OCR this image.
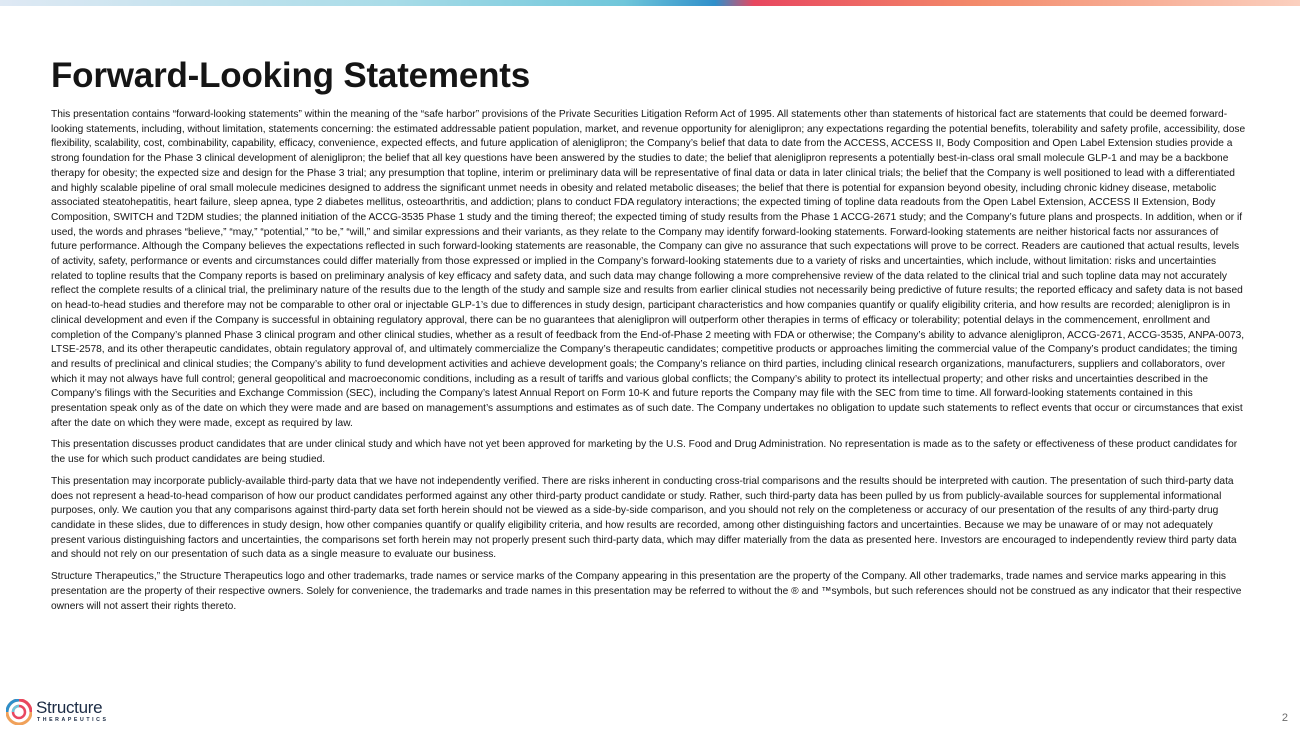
Forward-Looking Statements

This presentation contains “forward-looking statements” within the meaning of the “safe harbor” provisions of the Private Securities Litigation Reform Act of 1995. All statements other than statements of historical fact are statements that could be deemed forward-looking statements, including, without limitation, statements concerning: the estimated addressable patient population, market, and revenue opportunity for aleniglipron; any expectations regarding the potential benefits, tolerability and safety profile, accessibility, dose flexibility, scalability, cost, combinability, capability, efficacy, convenience, expected effects, and future application of aleniglipron; the Company’s belief that data to date from the ACCESS, ACCESS II, Body Composition and Open Label Extension studies provide a strong foundation for the Phase 3 clinical development of aleniglipron; the belief that all key questions have been answered by the studies to date; the belief that aleniglipron represents a potentially best-in-class oral small molecule GLP-1 and may be a backbone therapy for obesity; the expected size and design for the Phase 3 trial; any presumption that topline, interim or preliminary data will be representative of final data or data in later clinical trials; the belief that the Company is well positioned to lead with a differentiated and highly scalable pipeline of oral small molecule medicines designed to address the significant unmet needs in obesity and related metabolic diseases; the belief that there is potential for expansion beyond obesity, including chronic kidney disease, metabolic associated steatohepatitis, heart failure, sleep apnea, type 2 diabetes mellitus, osteoarthritis, and addiction; plans to conduct FDA regulatory interactions; the expected timing of topline data readouts from the Open Label Extension, ACCESS II Extension, Body Composition, SWITCH and T2DM studies; the planned initiation of the ACCG-3535 Phase 1 study and the timing thereof; the expected timing of study results from the Phase 1 ACCG-2671 study; and the Company’s future plans and prospects. In addition, when or if used, the words and phrases “believe,” “may,” “potential,” “to be,” “will,” and similar expressions and their variants, as they relate to the Company may identify forward-looking statements. Forward-looking statements are neither historical facts nor assurances of future performance. Although the Company believes the expectations reflected in such forward-looking statements are reasonable, the Company can give no assurance that such expectations will prove to be correct. Readers are cautioned that actual results, levels of activity, safety, performance or events and circumstances could differ materially from those expressed or implied in the Company’s forward-looking statements due to a variety of risks and uncertainties, which include, without limitation: risks and uncertainties related to topline results that the Company reports is based on preliminary analysis of key efficacy and safety data, and such data may change following a more comprehensive review of the data related to the clinical trial and such topline data may not accurately reflect the complete results of a clinical trial, the preliminary nature of the results due to the length of the study and sample size and results from earlier clinical studies not necessarily being predictive of future results; the reported efficacy and safety data is not based on head-to-head studies and therefore may not be comparable to other oral or injectable GLP-1’s due to differences in study design, participant characteristics and how companies quantify or qualify eligibility criteria, and how results are recorded; aleniglipron is in clinical development and even if the Company is successful in obtaining regulatory approval, there can be no guarantees that aleniglipron will outperform other therapies in terms of efficacy or tolerability; potential delays in the commencement, enrollment and completion of the Company’s planned Phase 3 clinical program and other clinical studies, whether as a result of feedback from the End-of-Phase 2 meeting with FDA or otherwise; the Company’s ability to advance aleniglipron, ACCG-2671, ACCG-3535, ANPA-0073, LTSE-2578, and its other therapeutic candidates, obtain regulatory approval of, and ultimately commercialize the Company’s therapeutic candidates; competitive products or approaches limiting the commercial value of the Company’s product candidates; the timing and results of preclinical and clinical studies; the Company’s ability to fund development activities and achieve development goals; the Company’s reliance on third parties, including clinical research organizations, manufacturers, suppliers and collaborators, over which it may not always have full control; general geopolitical and macroeconomic conditions, including as a result of tariffs and various global conflicts; the Company’s ability to protect its intellectual property; and other risks and uncertainties described in the Company’s filings with the Securities and Exchange Commission (SEC), including the Company’s latest Annual Report on Form 10-K and future reports the Company may file with the SEC from time to time. All forward-looking statements contained in this presentation speak only as of the date on which they were made and are based on management’s assumptions and estimates as of such date. The Company undertakes no obligation to update such statements to reflect events that occur or circumstances that exist after the date on which they were made, except as required by law.

This presentation discusses product candidates that are under clinical study and which have not yet been approved for marketing by the U.S. Food and Drug Administration. No representation is made as to the safety or effectiveness of these product candidates for the use for which such product candidates are being studied.

This presentation may incorporate publicly-available third-party data that we have not independently verified. There are risks inherent in conducting cross-trial comparisons and the results should be interpreted with caution. The presentation of such third-party data does not represent a head-to-head comparison of how our product candidates performed against any other third-party product candidate or study. Rather, such third-party data has been pulled by us from publicly-available sources for supplemental informational purposes, only. We caution you that any comparisons against third-party data set forth herein should not be viewed as a side-by-side comparison, and you should not rely on the completeness or accuracy of our presentation of the results of any third-party drug candidate in these slides, due to differences in study design, how other companies quantify or qualify eligibility criteria, and how results are recorded, among other distinguishing factors and uncertainties. Because we may be unaware of or may not adequately present various distinguishing factors and uncertainties, the comparisons set forth herein may not properly present such third-party data, which may differ materially from the data as presented here. Investors are encouraged to independently review third party data and should not rely on our presentation of such data as a single measure to evaluate our business.

Structure Therapeutics,” the Structure Therapeutics logo and other trademarks, trade names or service marks of the Company appearing in this presentation are the property of the Company. All other trademarks, trade names and service marks appearing in this presentation are the property of their respective owners. Solely for convenience, the trademarks and trade names in this presentation may be referred to without the ® and ™symbols, but such references should not be construed as any indicator that their respective owners will not assert their rights thereto.

Structure
THERAPEUTICS	2
